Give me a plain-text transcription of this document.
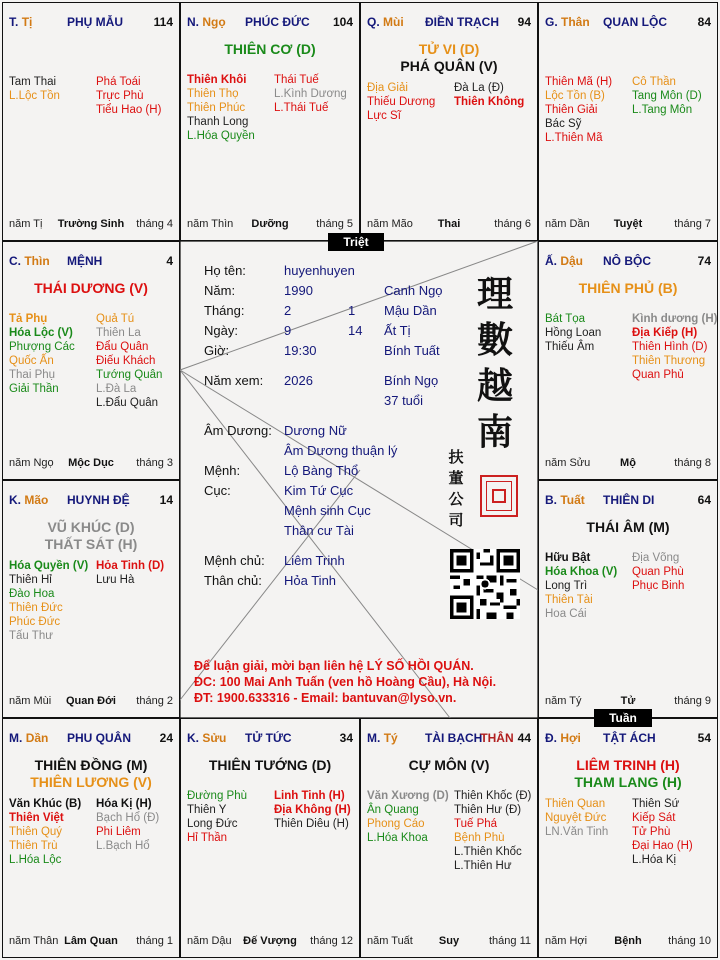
T. Tị	PHỤ MẪU	114
Tam Thai
L.Lộc Tồn
Phá Toái
Trực Phù
Tiểu Hao (H)
năm Tị	Trường Sinh	tháng 4
N. Ngọ PHÚC ĐỨC 104
THIÊN CƠ (D)
Thiên Khôi
Thiên Thọ
Thiên Phúc
Thanh Long
L.Hóa Quyền
Thái Tuế
L.Kình Dương
L.Thái Tuế
năm Thìn	Dưỡng	tháng 5
Q. Mùi ĐIỀN TRẠCH 94
TỬ VI (D)
PHÁ QUÂN (V)
Địa Giải
Thiếu Dương
Lực Sĩ
Đà La (Đ)
Thiên Không
năm Mão	Thai	tháng 6
G. Thân QUAN LỘC	84
Thiên Mã (H)
Lộc Tồn (B)
Thiên Giải
Bác Sỹ
L.Thiên Mã
Cô Thần
Tang Môn (D)
L.Tang Môn
năm Dần	Tuyệt	tháng 7
C. Thìn MỆNH	4
THÁI DƯƠNG (V)
Tả Phụ
Hóa Lộc (V)
Phượng Các
Quốc Ấn
Thai Phụ
Giải Thần
Quả Tú
Thiên La
Đẩu Quân
Điếu Khách
Tướng Quân
L.Đà La
L.Đẩu Quân
năm Ngọ	Mộc Dục	tháng 3
Ấ. Dậu NÔ BỘC	74
THIÊN PHỦ (B)
Bát Tọa
Hồng Loan
Thiếu Âm
Kình dương (H)
Địa Kiếp (H)
Thiên Hình (D)
Thiên Thương
Quan Phủ
năm Sửu	Mộ	tháng 8
K. Mão HUYNH ĐỆ 14
VŨ KHÚC (D)
THẤT SÁT (H)
Hóa Quyền (V)
Thiên Hỉ
Đào Hoa
Thiên Đức
Phúc Đức
Tấu Thư
Hỏa Tinh (D)
Lưu Hà
năm Mùi	Quan Đới	tháng 2
B. Tuất THIÊN DI	64
THÁI ÂM (M)
Hữu Bật
Hóa Khoa (V)
Long Trì
Thiên Tài
Hoa Cái
Địa Võng
Quan Phù
Phục Binh
năm Tý	Tử	tháng 9
M. Dần PHU QUÂN 24
THIÊN ĐỒNG (M)
THIÊN LƯƠNG (V)
Văn Khúc (B)
Thiên Việt
Thiên Quý
Thiên Trù
L.Hóa Lộc
Hóa Kị (H)
Bạch Hổ (Đ)
Phi Liêm
L.Bạch Hổ
năm Thân Lâm Quan	tháng 1
K. Sửu TỬ TỨC	34
THIÊN TƯỚNG (D)
Đường Phù
Thiên Y
Long Đức
Hỉ Thần
Linh Tinh (H)
Địa Không (H)
Thiên Diêu (H)
năm Dậu	Đế Vượng	tháng 12
M. Tý TÀI BẠCH
THÂN 44
CỰ MÔN (V)
Văn Xương (D)
Ân Quang
Phong Cáo
L.Hóa Khoa
Thiên Khốc (Đ)
Thiên Hư (Đ)
Tuế Phá
Bệnh Phù
L.Thiên Khốc
L.Thiên Hư
năm Tuất	Suy	tháng 11
Đ. Hợi TẬT ÁCH	54
LIÊM TRINH (H)
THAM LANG (H)
Thiên Quan
Nguyệt Đức
LN.Văn Tinh
Thiên Sứ
Kiếp Sát
Tử Phù
Đại Hao (H)
L.Hóa Kị
năm Hợi	Bệnh	tháng 10
Họ tên:	huyenhuyen
Năm:	1990	Canh Ngọ
Tháng:	2	1 Mậu Dần
Ngày:	9	14 Ất Tị
Giờ:	19:30	Bính Tuất
Năm xem: 2026	Bính Ngọ
37 tuổi
Âm Dương: Dương Nữ
Âm Dương thuận lý
Mệnh:	Lộ Bàng Thổ
Cục:	Kim Tứ Cục
Mệnh sinh Cục
Thân cư Tài
Mệnh chủ: Liêm Trinh
Thân chủ: Hỏa Tinh
理
數
越
南
扶
董
公
司
Để luận giải, mời bạn liên hệ LÝ SỐ HỒI QUÁN.
ĐC: 100 Mai Anh Tuấn (ven hồ Hoàng Cầu), Hà Nội.
ĐT: 1900.633316 - Email: bantuvan@lyso.vn.
Triệt
Tuần
